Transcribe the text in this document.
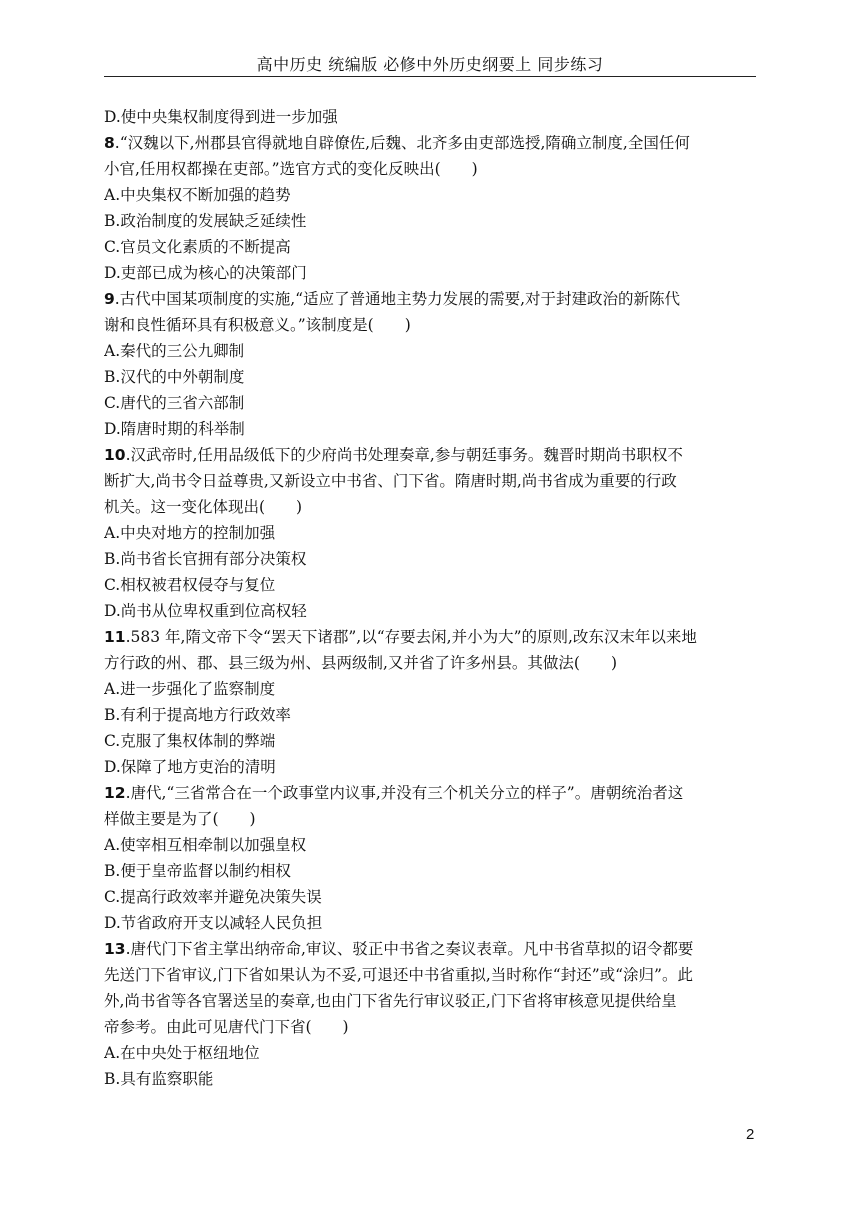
高中历史 统编版 必修中外历史纲要上 同步练习
D.使中央集权制度得到进一步加强
8.“汉魏以下,州郡县官得就地自辟僚佐,后魏、北齐多由吏部选授,隋确立制度,全国任何
小官,任用权都操在吏部。”选官方式的变化反映出(　　)
A.中央集权不断加强的趋势
B.政治制度的发展缺乏延续性
C.官员文化素质的不断提高
D.吏部已成为核心的决策部门
9.古代中国某项制度的实施,“适应了普通地主势力发展的需要,对于封建政治的新陈代
谢和良性循环具有积极意义。”该制度是(　　)
A.秦代的三公九卿制
B.汉代的中外朝制度
C.唐代的三省六部制
D.隋唐时期的科举制
10.汉武帝时,任用品级低下的少府尚书处理奏章,参与朝廷事务。魏晋时期尚书职权不
断扩大,尚书令日益尊贵,又新设立中书省、门下省。隋唐时期,尚书省成为重要的行政
机关。这一变化体现出(　　)
A.中央对地方的控制加强
B.尚书省长官拥有部分决策权
C.相权被君权侵夺与复位
D.尚书从位卑权重到位高权轻
11.583 年,隋文帝下令“罢天下诸郡”,以“存要去闲,并小为大”的原则,改东汉末年以来地
方行政的州、郡、县三级为州、县两级制,又并省了许多州县。其做法(　　)
A.进一步强化了监察制度
B.有利于提高地方行政效率
C.克服了集权体制的弊端
D.保障了地方吏治的清明
12.唐代,“三省常合在一个政事堂内议事,并没有三个机关分立的样子”。唐朝统治者这
样做主要是为了(　　)
A.使宰相互相牵制以加强皇权
B.便于皇帝监督以制约相权
C.提高行政效率并避免决策失误
D.节省政府开支以减轻人民负担
13.唐代门下省主掌出纳帝命,审议、驳正中书省之奏议表章。凡中书省草拟的诏令都要
先送门下省审议,门下省如果认为不妥,可退还中书省重拟,当时称作“封还”或“涂归”。此
外,尚书省等各官署送呈的奏章,也由门下省先行审议驳正,门下省将审核意见提供给皇
帝参考。由此可见唐代门下省(　　)
A.在中央处于枢纽地位
B.具有监察职能
2
